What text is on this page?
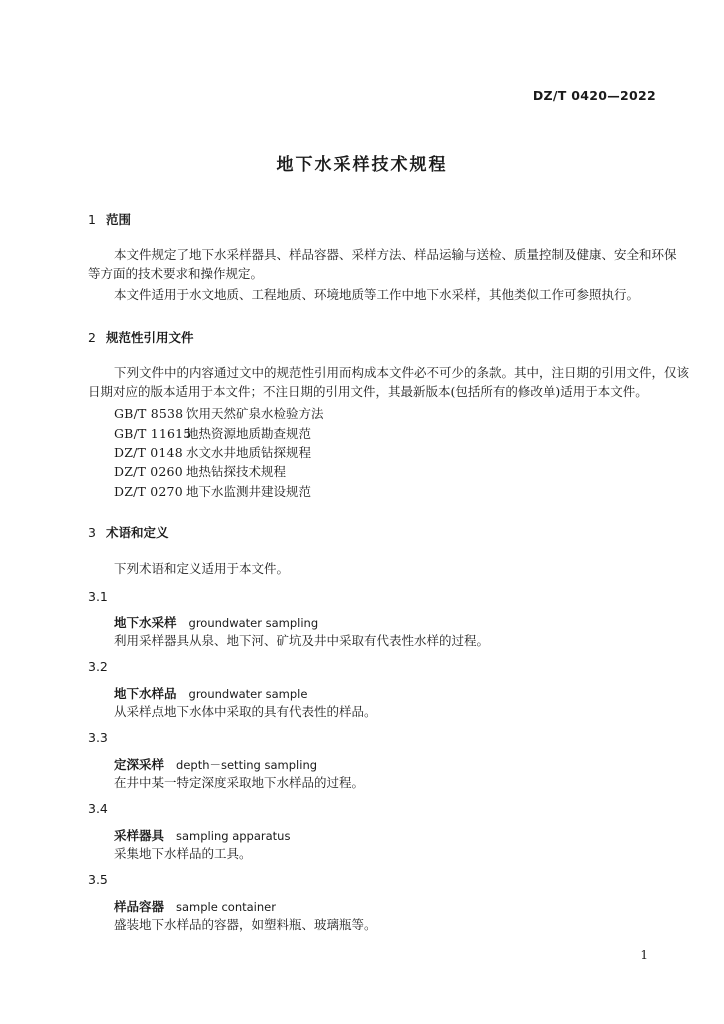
DZ/T 0420—2022
地下水采样技术规程
1 范围
本文件规定了地下水采样器具、样品容器、采样方法、样品运输与送检、质量控制及健康、安全和环保
等方面的技术要求和操作规定。
本文件适用于水文地质、工程地质、环境地质等工作中地下水采样，其他类似工作可参照执行。
2 规范性引用文件
下列文件中的内容通过文中的规范性引用而构成本文件必不可少的条款。其中，注日期的引用文件，仅该
日期对应的版本适用于本文件；不注日期的引用文件，其最新版本(包括所有的修改单)适用于本文件。
GB/T 8538 饮用天然矿泉水检验方法
GB/T 11615地热资源地质勘查规范
DZ/T 0148 水文水井地质钻探规程
DZ/T 0260 地热钻探技术规程
DZ/T 0270 地下水监测井建设规范
3 术语和定义
下列术语和定义适用于本文件。
3.1
地下水采样 groundwater sampling
利用采样器具从泉、地下河、矿坑及井中采取有代表性水样的过程。
3.2
地下水样品 groundwater sample
从采样点地下水体中采取的具有代表性的样品。
3.3
定深采样 depth－setting sampling
在井中某一特定深度采取地下水样品的过程。
3.4
采样器具 sampling apparatus
采集地下水样品的工具。
3.5
样品容器 sample container
盛装地下水样品的容器，如塑料瓶、玻璃瓶等。
1
